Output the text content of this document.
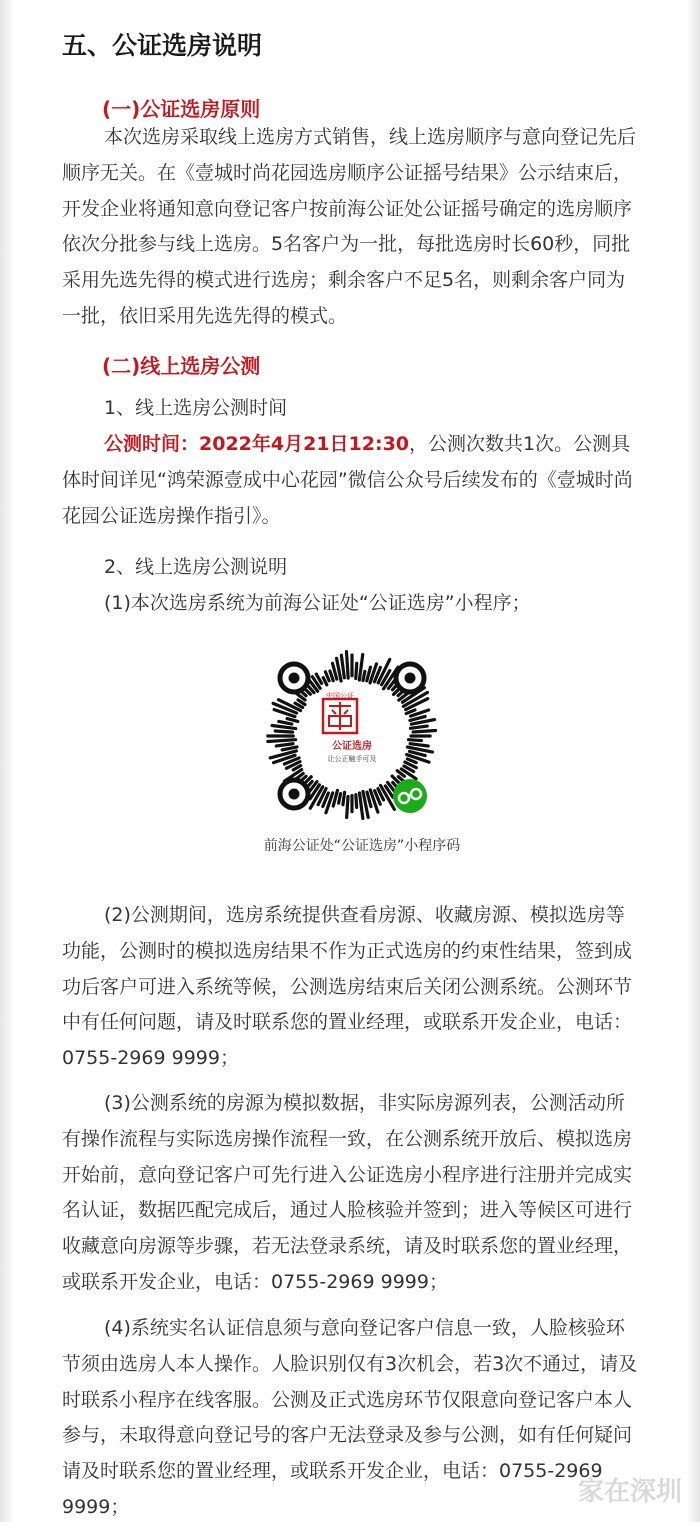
五、公证选房说明
(一)公证选房原则
本次选房采取线上选房方式销售，线上选房顺序与意向登记先后顺序无关。在《壹城时尚花园选房顺序公证摇号结果》公示结束后，开发企业将通知意向登记客户按前海公证处公证摇号确定的选房顺序依次分批参与线上选房。5名客户为一批，每批选房时长60秒，同批采用先选先得的模式进行选房；剩余客户不足5名，则剩余客户同为一批，依旧采用先选先得的模式。
(二)线上选房公测
1、线上选房公测时间
公测时间：2022年4月21日12:30，公测次数共1次。公测具体时间详见“鸿荣源壹成中心花园”微信公众号后续发布的《壹城时尚花园公证选房操作指引》。
2、线上选房公测说明
(1)本次选房系统为前海公证处“公证选房”小程序；
中国公证
公证选房
让公正触手可及
前海公证处“公证选房”小程序码
(2)公测期间，选房系统提供查看房源、收藏房源、模拟选房等功能，公测时的模拟选房结果不作为正式选房的约束性结果，签到成功后客户可进入系统等候，公测选房结束后关闭公测系统。公测环节中有任何问题，请及时联系您的置业经理，或联系开发企业，电话：0755-2969 9999；
(3)公测系统的房源为模拟数据，非实际房源列表，公测活动所有操作流程与实际选房操作流程一致，在公测系统开放后、模拟选房开始前，意向登记客户可先行进入公证选房小程序进行注册并完成实名认证，数据匹配完成后，通过人脸核验并签到；进入等候区可进行收藏意向房源等步骤，若无法登录系统，请及时联系您的置业经理，或联系开发企业，电话：0755-2969 9999；
(4)系统实名认证信息须与意向登记客户信息一致，人脸核验环节须由选房人本人操作。人脸识别仅有3次机会，若3次不通过，请及时联系小程序在线客服。公测及正式选房环节仅限意向登记客户本人参与，未取得意向登记号的客户无法登录及参与公测，如有任何疑问请及时联系您的置业经理，或联系开发企业，电话：0755-2969 9999；	家在深圳
